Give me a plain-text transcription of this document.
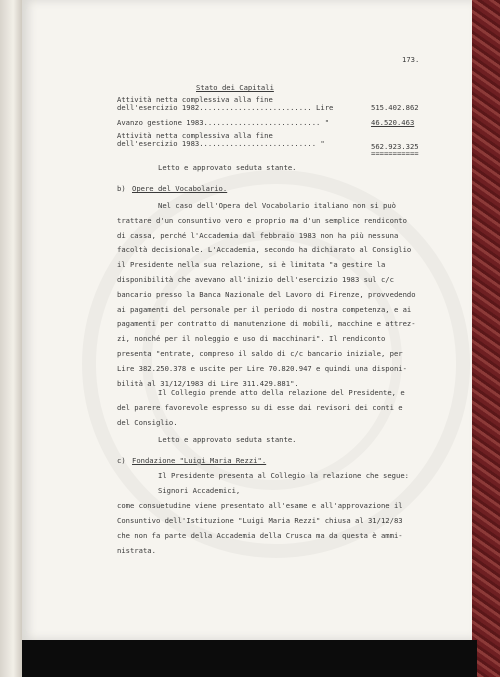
173.
Stato dei Capitali
Attività netta complessiva alla fine
dell'esercizio 1982.......................... Lire	515.402.862
Avanzo gestione 1983........................... "	46.520.463
Attività netta complessiva alla fine
dell'esercizio 1983........................... "	562.923.325
===========
Letto e approvato seduta stante.
b) Opere del Vocabolario.
Nel caso dell'Opera del Vocabolario italiano non si può
trattare d'un consuntivo vero e proprio ma d'un semplice rendiconto
di cassa, perché l'Accademia dal febbraio 1983 non ha più nessuna
facoltà decisionale. L'Accademia, secondo ha dichiarato al Consiglio
il Presidente nella sua relazione, si è limitata "a gestire la
disponibilità che avevano all'inizio dell'esercizio 1983 sul c/c
bancario presso la Banca Nazionale del Lavoro di Firenze, provvedendo
ai pagamenti del personale per il periodo di nostra competenza, e ai
pagamenti per contratto di manutenzione di mobili, macchine e attrez-
zi, nonché per il noleggio e uso di macchinari". Il rendiconto
presenta "entrate, compreso il saldo di c/c bancario iniziale, per
Lire 382.250.378 e uscite per Lire 70.820.947 e quindi una disponi-
bilità al 31/12/1983 di Lire 311.429.881".
Il Collegio prende atto della relazione del Presidente, e
del parere favorevole espresso su di esse dai revisori dei conti e
del Consiglio.
Letto e approvato seduta stante.
c) Fondazione "Luigi Maria Rezzi".
Il Presidente presenta al Collegio la relazione che segue:
Signori Accademici,
come consuetudine viene presentato all'esame e all'approvazione il
Consuntivo dell'Istituzione "Luigi Maria Rezzi" chiusa al 31/12/83
che non fa parte della Accademia della Crusca ma da questa è ammi-
nistrata.
